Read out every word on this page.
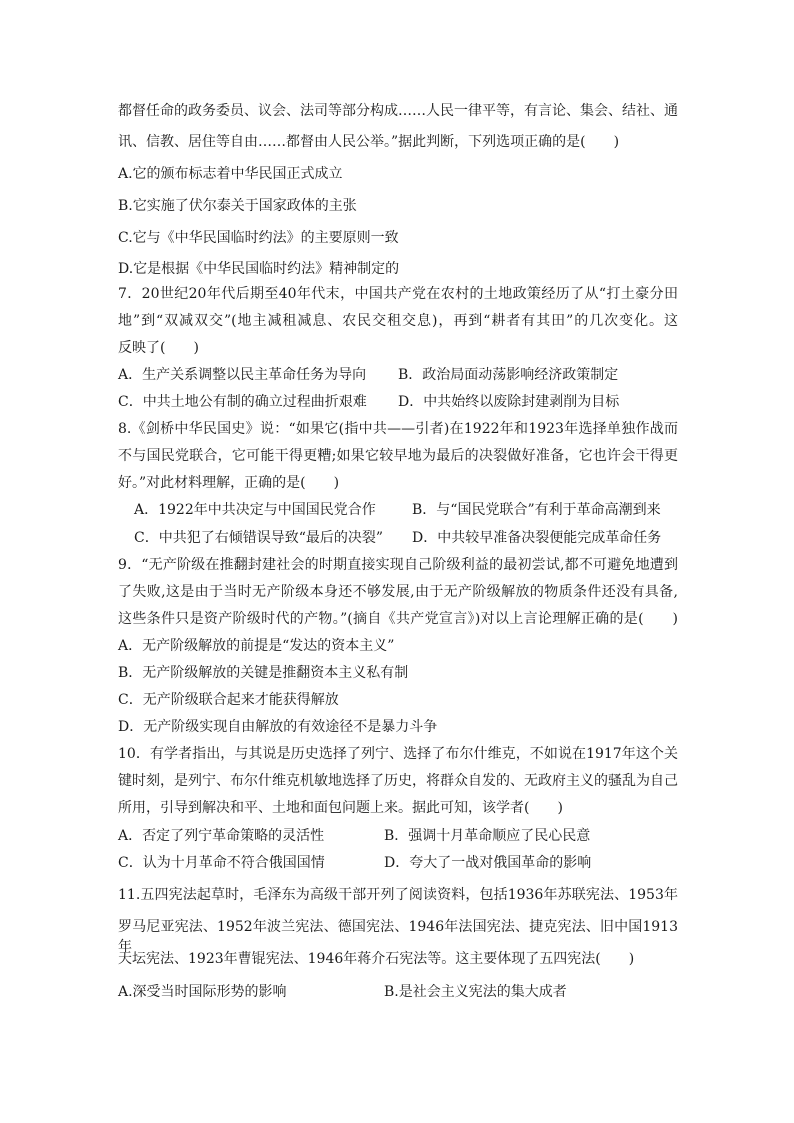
都督任命的政务委员、议会、法司等部分构成……人民一律平等，有言论、集会、结社、通
讯、信教、居住等自由……都督由人民公举。”据此判断，下列选项正确的是(　　)
A.它的颁布标志着中华民国正式成立
B.它实施了伏尔泰关于国家政体的主张
C.它与《中华民国临时约法》的主要原则一致
D.它是根据《中华民国临时约法》精神制定的
7．20世纪20年代后期至40年代末，中国共产党在农村的土地政策经历了从“打土豪分田
地”到“双减双交”(地主减租减息、农民交租交息)，再到“耕者有其田”的几次变化。这
反映了(　　)
A．生产关系调整以民主革命任务为导向 B．政治局面动荡影响经济政策制定
C．中共土地公有制的确立过程曲折艰难 D．中共始终以废除封建剥削为目标
8.《剑桥中华民国史》说：“如果它(指中共——引者)在1922年和1923年选择单独作战而
不与国民党联合，它可能干得更糟;如果它较早地为最后的决裂做好准备，它也许会干得更
好。”对此材料理解，正确的是(　　)
A．1922年中共决定与中国国民党合作	B．与“国民党联合”有利于革命高潮到来
C．中共犯了右倾错误导致“最后的决裂” D．中共较早准备决裂便能完成革命任务
9．“无产阶级在推翻封建社会的时期直接实现自己阶级利益的最初尝试,都不可避免地遭到
了失败,这是由于当时无产阶级本身还不够发展,由于无产阶级解放的物质条件还没有具备,
这些条件只是资产阶级时代的产物。”(摘自《共产党宣言》)对以上言论理解正确的是(　　)
A．无产阶级解放的前提是“发达的资本主义”
B．无产阶级解放的关键是推翻资本主义私有制
C．无产阶级联合起来才能获得解放
D．无产阶级实现自由解放的有效途径不是暴力斗争
10．有学者指出，与其说是历史选择了列宁、选择了布尔什维克，不如说在1917年这个关
键时刻，是列宁、布尔什维克机敏地选择了历史，将群众自发的、无政府主义的骚乱为自己
所用，引导到解决和平、土地和面包问题上来。据此可知，该学者(　　)
A．否定了列宁革命策略的灵活性	B．强调十月革命顺应了民心民意
C．认为十月革命不符合俄国国情	D．夸大了一战对俄国革命的影响
11.五四宪法起草时，毛泽东为高级干部开列了阅读资料，包括1936年苏联宪法、1953年
罗马尼亚宪法、1952年波兰宪法、德国宪法、1946年法国宪法、捷克宪法、旧中国1913年
天坛宪法、1923年曹锟宪法、1946年蒋介石宪法等。这主要体现了五四宪法(　　)
A.深受当时国际形势的影响	B.是社会主义宪法的集大成者
